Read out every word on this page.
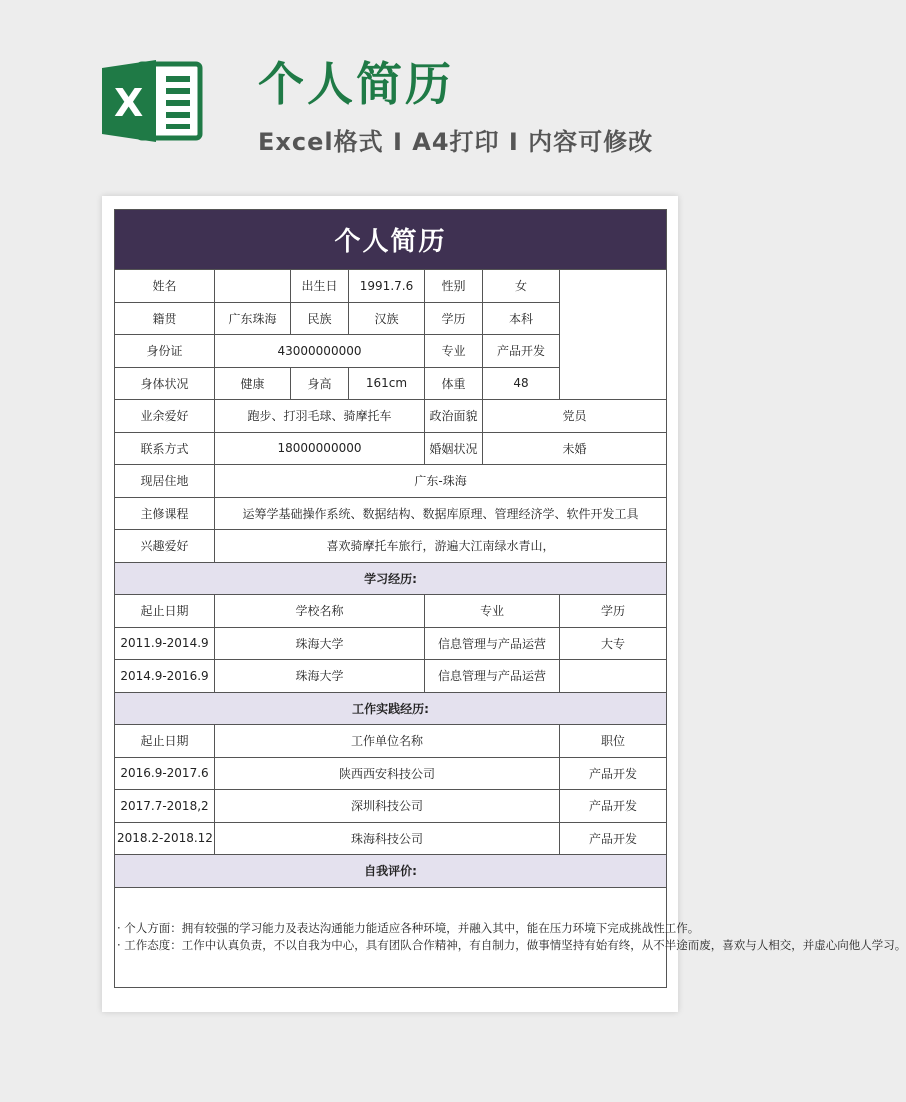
X 个人简历
Excel格式 I A4打印 I 内容可修改
个人简历						
姓名		出生日	1991.7.6	性别	女	
籍贯	广东珠海	民族	汉族	学历	本科	
身份证	43000000000			专业	产品开发	
身体状况	健康	身高	161cm	体重	48	
业余爱好	跑步、打羽毛球、骑摩托车			政治面貌	党员	
联系方式	18000000000			婚姻状况	未婚	
现居住地	广东-珠海					
主修课程	运筹学基础操作系统、数据结构、数据库原理、管理经济学、软件开发工具					
兴趣爱好	喜欢骑摩托车旅行，游遍大江南绿水青山，					
学习经历:						
起止日期	学校名称			专业		学历
2011.9-2014.9	珠海大学			信息管理与产品运营		大专
2014.9-2016.9	珠海大学			信息管理与产品运营		
工作实践经历:						
起止日期	工作单位名称					职位
2016.9-2017.6	陕西西安科技公司					产品开发
2017.7-2018,2	深圳科技公司					产品开发
2018.2-2018.12	珠海科技公司					产品开发
自我评价:						

· 个人方面：拥有较强的学习能力及表达沟通能力能适应各种环境，并融入其中，能在压力环境下完成挑战性工作。

· 工作态度：工作中认真负责，不以自我为中心，具有团队合作精神，有自制力，做事情坚持有始有终，从不半途而废，喜欢与人相交，并虚心向他人学习。						
